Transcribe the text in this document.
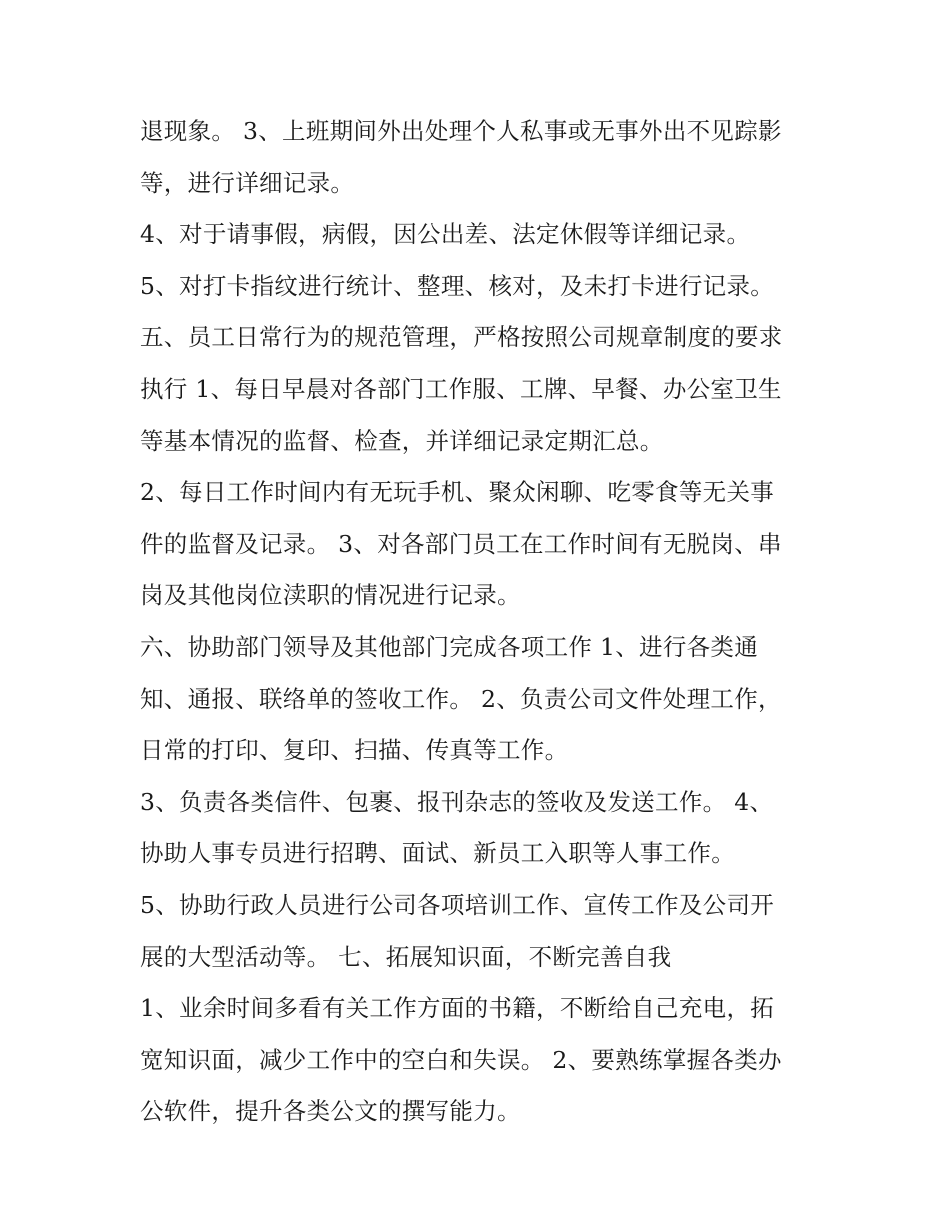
退现象。 3、上班期间外出处理个人私事或无事外出不见踪影
等，进行详细记录。
4、对于请事假，病假，因公出差、法定休假等详细记录。
5、对打卡指纹进行统计、整理、核对，及未打卡进行记录。
五、员工日常行为的规范管理，严格按照公司规章制度的要求
执行 1、每日早晨对各部门工作服、工牌、早餐、办公室卫生
等基本情况的监督、检查，并详细记录定期汇总。
2、每日工作时间内有无玩手机、聚众闲聊、吃零食等无关事
件的监督及记录。 3、对各部门员工在工作时间有无脱岗、串
岗及其他岗位渎职的情况进行记录。
六、协助部门领导及其他部门完成各项工作 1、进行各类通
知、通报、联络单的签收工作。 2、负责公司文件处理工作，
日常的打印、复印、扫描、传真等工作。
3、负责各类信件、包裹、报刊杂志的签收及发送工作。 4、
协助人事专员进行招聘、面试、新员工入职等人事工作。
5、协助行政人员进行公司各项培训工作、宣传工作及公司开
展的大型活动等。 七、拓展知识面，不断完善自我
1、业余时间多看有关工作方面的书籍，不断给自己充电，拓
宽知识面，减少工作中的空白和失误。 2、要熟练掌握各类办
公软件，提升各类公文的撰写能力。
